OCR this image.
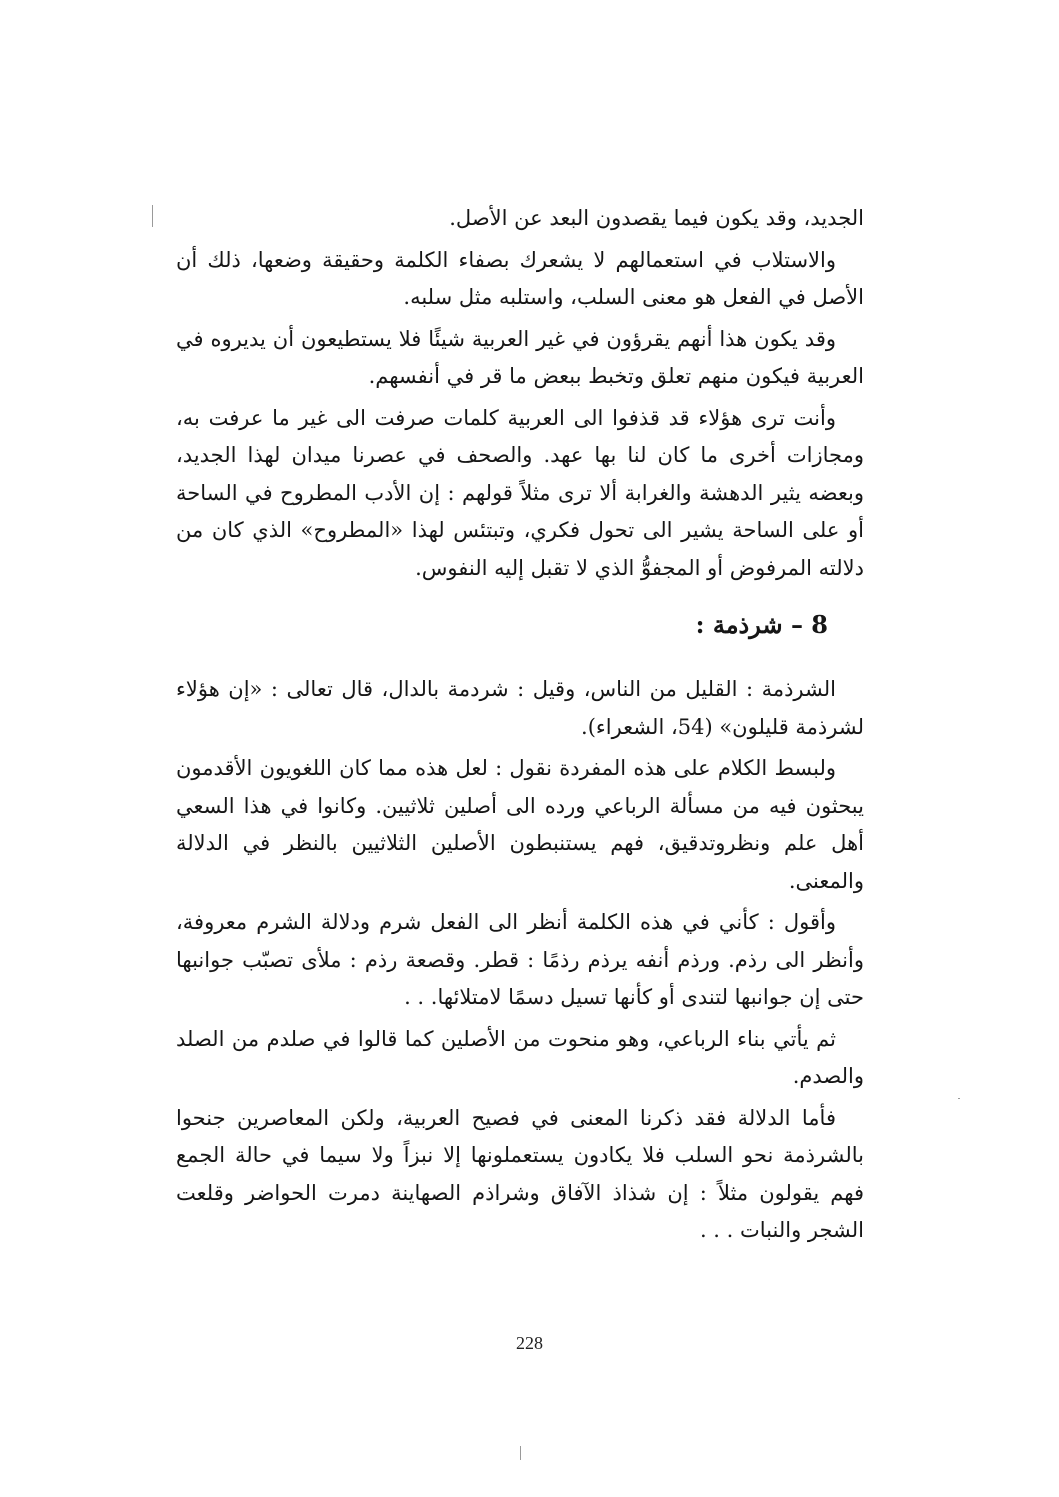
الجديد، وقد يكون فيما يقصدون البعد عن الأصل.

والاستلاب في استعمالهم لا يشعرك بصفاء الكلمة وحقيقة وضعها، ذلك أن الأصل في الفعل هو معنى السلب، واستلبه مثل سلبه.

وقد يكون هذا أنهم يقرؤون في غير العربية شيئًا فلا يستطيعون أن يديروه في العربية فيكون منهم تعلق وتخبط ببعض ما قر في أنفسهم.

وأنت ترى هؤلاء قد قذفوا الى العربية كلمات صرفت الى غير ما عرفت به، ومجازات أخرى ما كان لنا بها عهد. والصحف في عصرنا ميدان لهذا الجديد، وبعضه يثير الدهشة والغرابة ألا ترى مثلاً قولهم : إن الأدب المطروح في الساحة أو على الساحة يشير الى تحول فكري، وتبتئس لهذا «المطروح» الذي كان من دلالته المرفوض أو المجفوُّ الذي لا تقبل إليه النفوس.

8 – شرذمة :

الشرذمة : القليل من الناس، وقيل : شردمة بالدال، قال تعالى : «إن هؤلاء لشرذمة قليلون» (54، الشعراء).

ولبسط الكلام على هذه المفردة نقول : لعل هذه مما كان اللغويون الأقدمون يبحثون فيه من مسألة الرباعي ورده الى أصلين ثلاثيين. وكانوا في هذا السعي أهل علم ونظروتدقيق، فهم يستنبطون الأصلين الثلاثيين بالنظر في الدلالة والمعنى.

وأقول : كأني في هذه الكلمة أنظر الى الفعل شرم ودلالة الشرم معروفة، وأنظر الى رذم. ورذم أنفه يرذم رذمًا : قطر. وقصعة رذم : ملأى تصبّب جوانبها حتى إن جوانبها لتندى أو كأنها تسيل دسمًا لامتلائها. . .

ثم يأتي بناء الرباعي، وهو منحوت من الأصلين كما قالوا في صلدم من الصلد والصدم.

فأما الدلالة فقد ذكرنا المعنى في فصيح العربية، ولكن المعاصرين جنحوا بالشرذمة نحو السلب فلا يكادون يستعملونها إلا نبزاً ولا سيما في حالة الجمع فهم يقولون مثلاً : إن شذاذ الآفاق وشراذم الصهاينة دمرت الحواضر وقلعت الشجر والنبات . . .

228
